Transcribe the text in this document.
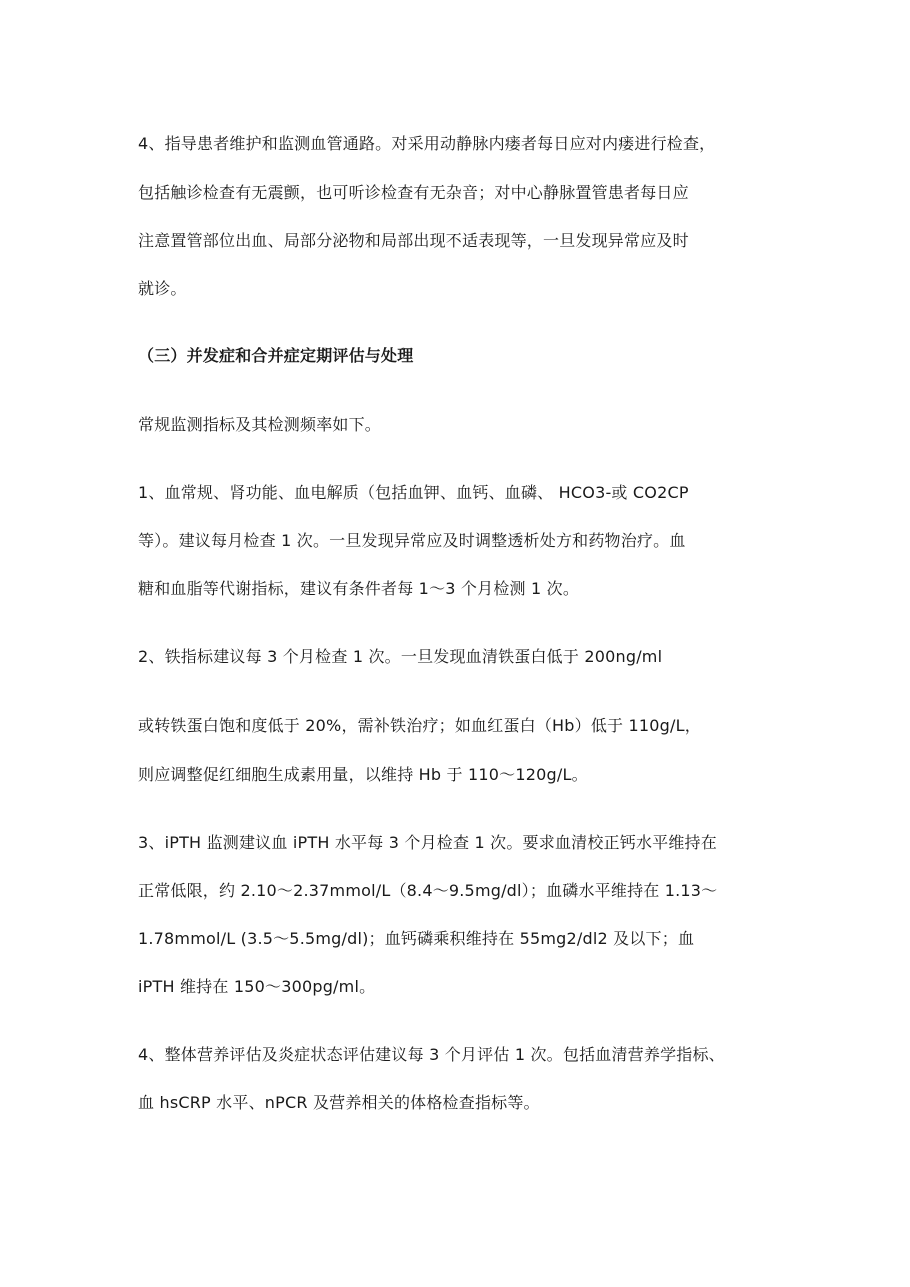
4、指导患者维护和监测血管通路。对采用动静脉内瘘者每日应对内瘘进行检查，
包括触诊检查有无震颤，也可听诊检查有无杂音；对中心静脉置管患者每日应
注意置管部位出血、局部分泌物和局部出现不适表现等，一旦发现异常应及时
就诊。
（三）并发症和合并症定期评估与处理
常规监测指标及其检测频率如下。
1、血常规、肾功能、血电解质（包括血钾、血钙、血磷、 HCO3-或 CO2CP
等）。建议每月检查 1 次。一旦发现异常应及时调整透析处方和药物治疗。血
糖和血脂等代谢指标，建议有条件者每 1～3 个月检测 1 次。
2、铁指标建议每 3 个月检查 1 次。一旦发现血清铁蛋白低于 200ng/ml
或转铁蛋白饱和度低于 20%，需补铁治疗；如血红蛋白（Hb）低于 110g/L，
则应调整促红细胞生成素用量，以维持 Hb 于 110～120g/L。
3、iPTH 监测建议血 iPTH 水平每 3 个月检查 1 次。要求血清校正钙水平维持在
正常低限，约 2.10～2.37mmol/L（8.4～9.5mg/dl）；血磷水平维持在 1.13～
1.78mmol/L (3.5～5.5mg/dl)；血钙磷乘积维持在 55mg2/dl2 及以下；血
iPTH 维持在 150～300pg/ml。
4、整体营养评估及炎症状态评估建议每 3 个月评估 1 次。包括血清营养学指标、
血 hsCRP 水平、nPCR 及营养相关的体格检查指标等。
